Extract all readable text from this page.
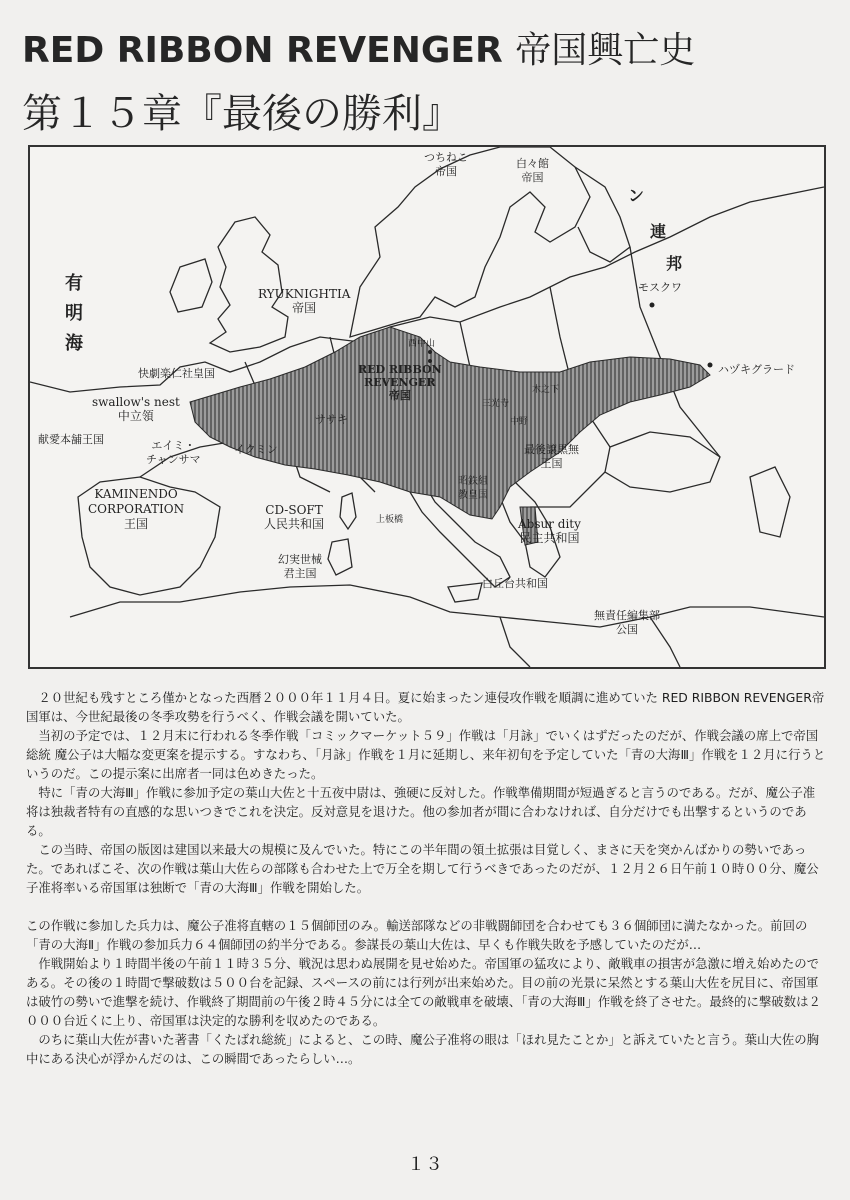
RED RIBBON REVENGER 帝国興亡史
第１５章『最後の勝利』
有明海
つちねこ
帝国
白々館
帝国
ン
連
邦
モスクワ
RYUKNIGHTIA
帝国
西中山
RED RIBBON
REVENGER
帝国
ハヅキグラード
快劇楽仁社皇国
swallow's nest
中立領
献愛本舗王国	エイミ・
チャンサマ
ササキ
イクミン
三光寺
木之下
中野
最後譲黒無
王国
KAMINENDO
CORPORATION
王国
CD-SOFT
人民共和国	上板橋
昭鉄組
教皇国
Absur dity
民主共和国
幻実世械
君主国
白丘台共和国
無責任編集部
公国

２０世紀も残すところ僅かとなった西暦２０００年１１月４日。夏に始まったン連侵攻作戦を順調に進めていた RED RIBBON REVENGER帝国軍は、今世紀最後の冬季攻勢を行うべく、作戦会議を開いていた。

当初の予定では、１２月末に行われる冬季作戦「コミックマーケット５９」作戦は「月詠」でいくはずだったのだが、作戦会議の席上で帝国総統 魔公子は大幅な変更案を提示する。すなわち、「月詠」作戦を１月に延期し、来年初旬を予定していた「青の大海Ⅲ」作戦を１２月に行うというのだ。この提示案に出席者一同は色めきたった。

特に「青の大海Ⅲ」作戦に参加予定の葉山大佐と十五夜中尉は、強硬に反対した。作戦準備期間が短過ぎると言うのである。だが、魔公子准将は独裁者特有の直感的な思いつきでこれを決定。反対意見を退けた。他の参加者が間に合わなければ、自分だけでも出撃するというのである。

この当時、帝国の版図は建国以来最大の規模に及んでいた。特にこの半年間の領土拡張は目覚しく、まさに天を突かんばかりの勢いであった。であればこそ、次の作戦は葉山大佐らの部隊も合わせた上で万全を期して行うべきであったのだが、１２月２６日午前１０時００分、魔公子准将率いる帝国軍は独断で「青の大海Ⅲ」作戦を開始した。

この作戦に参加した兵力は、魔公子准将直轄の１５個師団のみ。輸送部隊などの非戦闘師団を合わせても３６個師団に満たなかった。前回の「青の大海Ⅱ」作戦の参加兵力６４個師団の約半分である。参謀長の葉山大佐は、早くも作戦失敗を予感していたのだが…

作戦開始より１時間半後の午前１１時３５分、戦況は思わぬ展開を見せ始めた。帝国軍の猛攻により、敵戦車の損害が急激に増え始めたのである。その後の１時間で撃破数は５００台を記録、スペースの前には行列が出来始めた。目の前の光景に呆然とする葉山大佐を尻目に、帝国軍は破竹の勢いで進撃を続け、作戦終了期間前の午後２時４５分には全ての敵戦車を破壊、「青の大海Ⅲ」作戦を終了させた。最終的に撃破数は２０００台近くに上り、帝国軍は決定的な勝利を収めたのである。

のちに葉山大佐が書いた著書「くたばれ総統」によると、この時、魔公子准将の眼は「ほれ見たことか」と訴えていたと言う。葉山大佐の胸中にある決心が浮かんだのは、この瞬間であったらしい…。

１３
